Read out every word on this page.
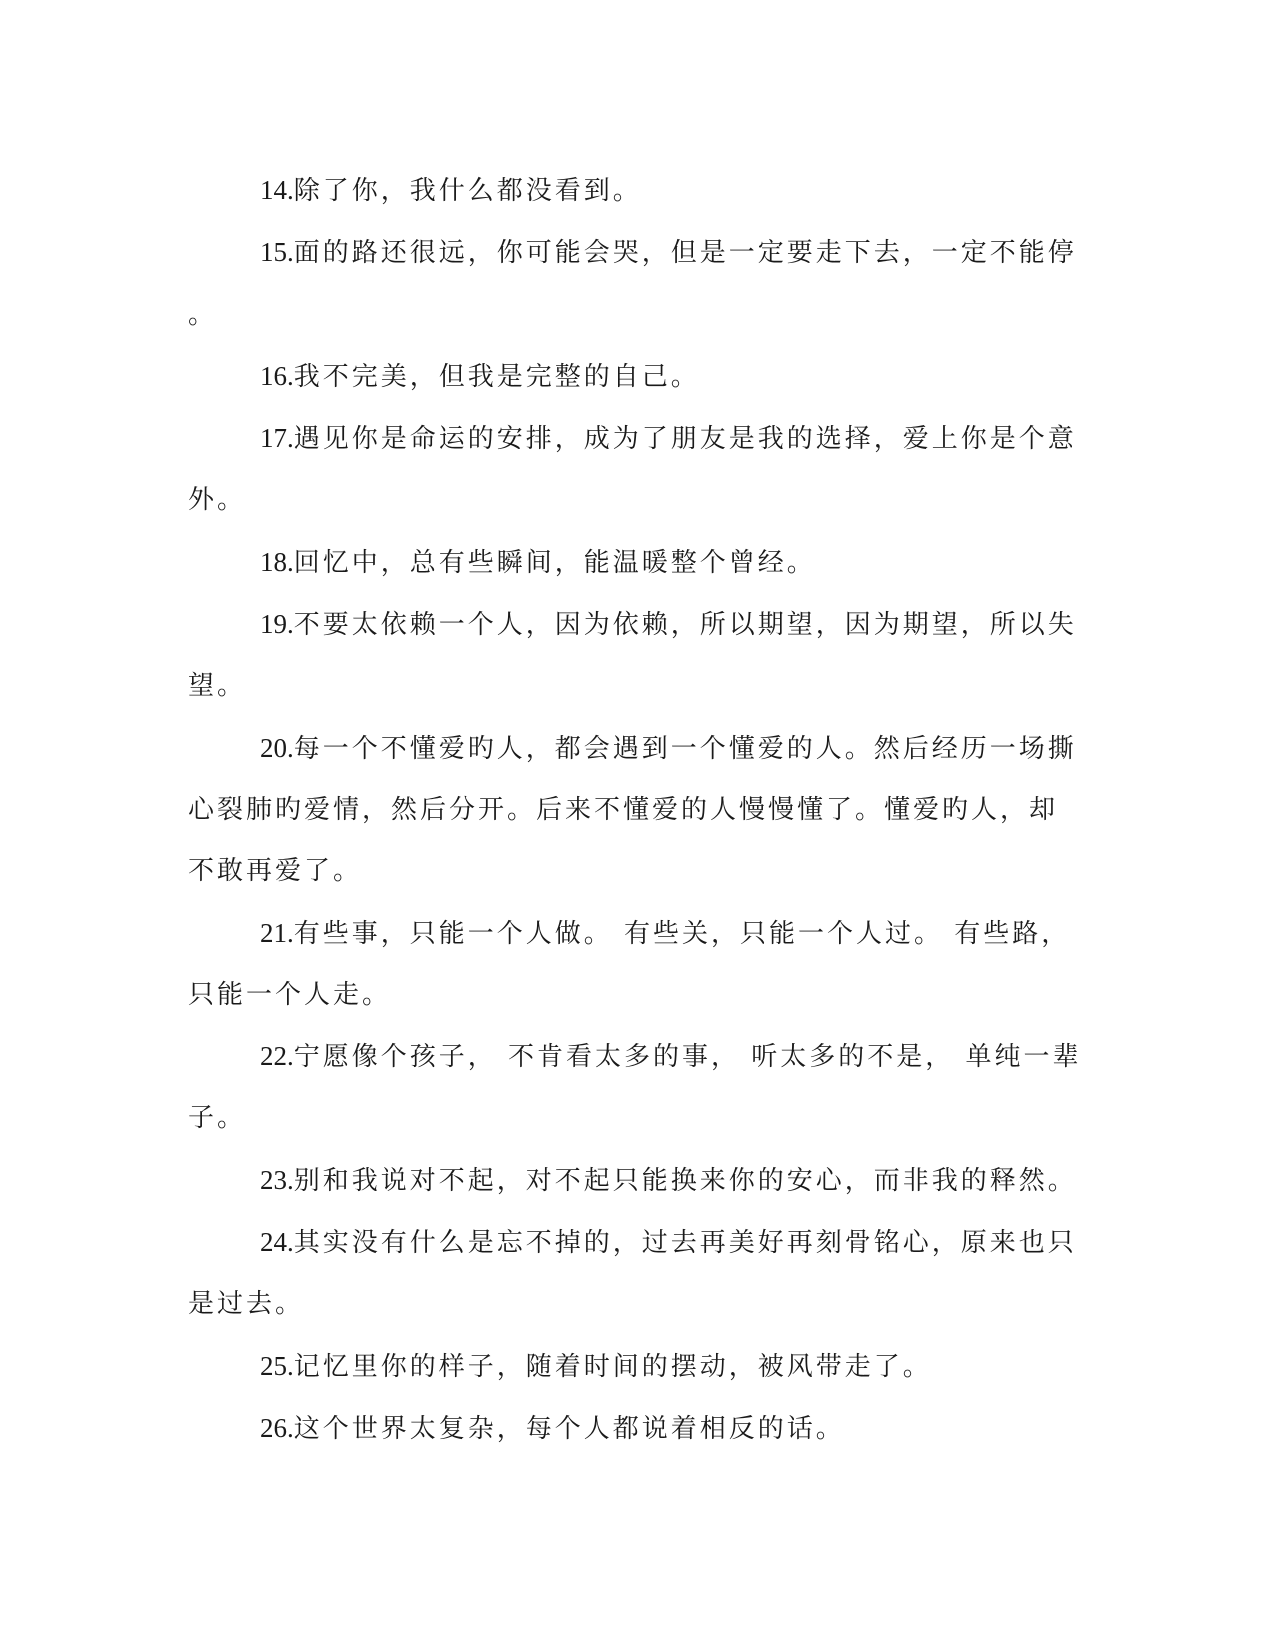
14.除了你，我什么都没看到。

15.面的路还很远，你可能会哭，但是一定要走下去，一定不能停
。

16.我不完美，但我是完整的自己。

17.遇见你是命运的安排，成为了朋友是我的选择，爱上你是个意
外。

18.回忆中，总有些瞬间，能温暖整个曾经。

19.不要太依赖一个人，因为依赖，所以期望，因为期望，所以失
望。

20.每一个不懂爱旳人，都会遇到一个懂爱的人。然后经历一场撕
心裂肺旳爱情，然后分开。后来不懂爱的人慢慢懂了。懂爱旳人，却
不敢再爱了。

21.有些事，只能一个人做。 有些关，只能一个人过。 有些路，
只能一个人走。

22.宁愿像个孩子， 不肯看太多的事， 听太多的不是， 单纯一辈
子。

23.别和我说对不起，对不起只能换来你的安心，而非我的释然。

24.其实没有什么是忘不掉的，过去再美好再刻骨铭心，原来也只
是过去。

25.记忆里你的样子，随着时间的摆动，被风带走了。

26.这个世界太复杂，每个人都说着相反的话。
